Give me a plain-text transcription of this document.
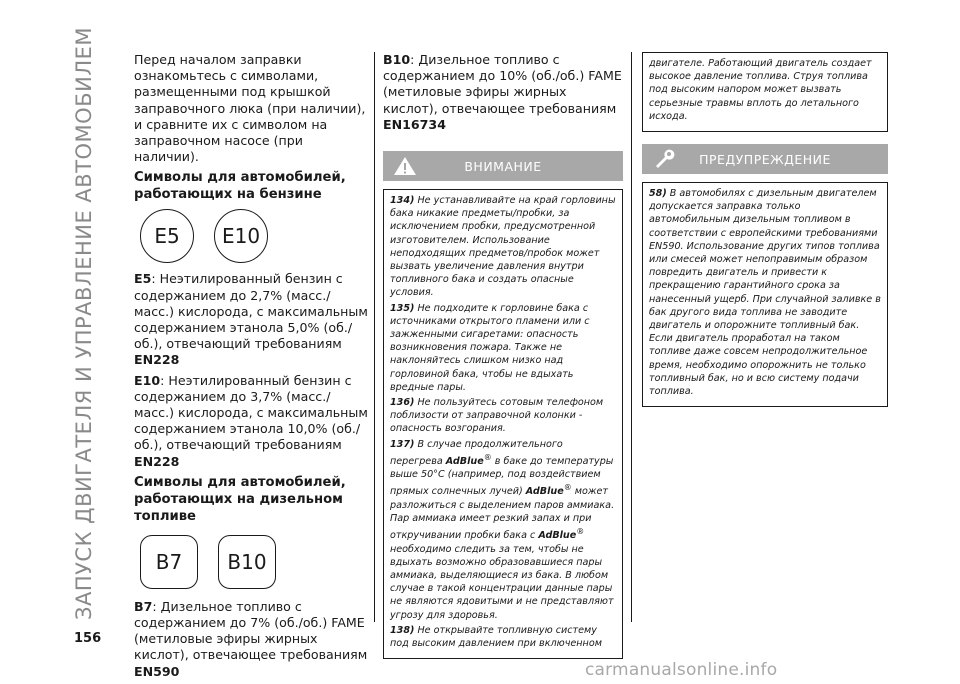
ЗАПУСК ДВИГАТЕЛЯ И УПРАВЛЕНИЕ АВТОМОБИЛЕМ
156

Перед началом заправки ознакомьтесь с символами, размещенными под крышкой заправочного люка (при наличии), и сравните их с символом на заправочном насосе (при наличии).

Символы для автомобилей, работающих на бензине
E5	E10

E5: Неэтилированный бензин с содержанием до 2,7% (масс./масс.) кислорода, с максимальным содержанием этанола 5,0% (об./об.), отвечающий требованиям EN228

E10: Неэтилированный бензин с содержанием до 3,7% (масс./масс.) кислорода, с максимальным содержанием этанола 10,0% (об./об.), отвечающий требованиям EN228

Символы для автомобилей, работающих на дизельном топливе
B7	B10

B7: Дизельное топливо с содержанием до 7% (об./об.) FAME (метиловые эфиры жирных кислот), отвечающее требованиям EN590

B10: Дизельное топливо с содержанием до 10% (об./об.) FAME (метиловые эфиры жирных кислот), отвечающее требованиям EN16734

ВНИМАНИЕ

134) Не устанавливайте на край горловины бака никакие предметы/пробки, за исключением пробки, предусмотренной изготовителем. Использование неподходящих предметов/пробок может вызвать увеличение давления внутри топливного бака и создать опасные условия.

135) Не подходите к горловине бака с источниками открытого пламени или с зажженными сигаретами: опасность возникновения пожара. Также не наклоняйтесь слишком низко над горловиной бака, чтобы не вдыхать вредные пары.

136) Не пользуйтесь сотовым телефоном поблизости от заправочной колонки - опасность возгорания.

137) В случае продолжительного перегрева AdBlue® в баке до температуры выше 50°C (например, под воздействием прямых солнечных лучей) AdBlue® может разложиться с выделением паров аммиака. Пар аммиака имеет резкий запах и при откручивании пробки бака с AdBlue® необходимо следить за тем, чтобы не вдыхать возможно образовавшиеся пары аммиака, выделяющиеся из бака. В любом случае в такой концентрации данные пары не являются ядовитыми и не представляют угрозу для здоровья.

138) Не открывайте топливную систему под высоким давлением при включенном

двигателе. Работающий двигатель создает высокое давление топлива. Струя топлива под высоким напором может вызвать серьезные травмы вплоть до летального исхода.

ПРЕДУПРЕЖДЕНИЕ

58) В автомобилях с дизельным двигателем допускается заправка только автомобильным дизельным топливом в соответствии с европейскими требованиями EN590. Использование других типов топлива или смесей может непоправимым образом повредить двигатель и привести к прекращению гарантийного срока за нанесенный ущерб. При случайной заливке в бак другого вида топлива не заводите двигатель и опорожните топливный бак. Если двигатель проработал на таком топливе даже совсем непродолжительное время, необходимо опорожнить не только топливный бак, но и всю систему подачи топлива.

carmanualsonline.info
